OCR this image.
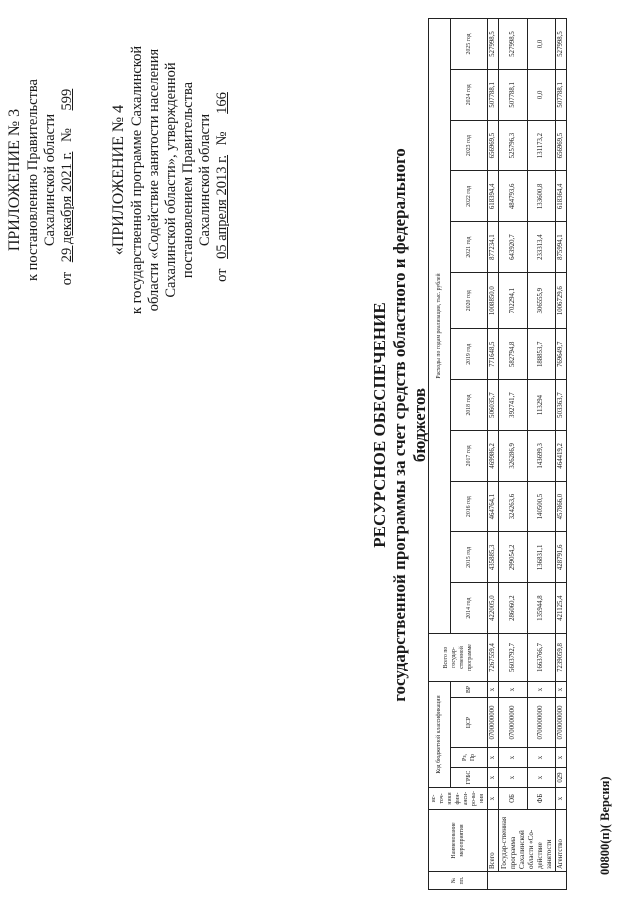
ПРИЛОЖЕНИЕ № 3 к постановлению Правительства Сахалинской области
от 29 декабря 2021 г. № 599
«ПРИЛОЖЕНИЕ № 4 к государственной программе Сахалинской области «Содействие занятости населения Сахалинской области», утвержденной постановлением Правительства Сахалинской области
от 05 апреля 2013 г. № 166
РЕСУРСНОЕ ОБЕСПЕЧЕНИЕ государственной программы за счет средств областного и федерального бюджетов
№ пп.	Наименование мероприятия	ис-точ-ники фин-анси-ро-ва-ния	Код бюджетной классификации				Всего по государ-ственной программе	Расходы по годам реализации, тыс. рублей											
			ГРБС	Рз, Пр	ЦСР	ВР		2014 год	2015 год	2016 год	2017 год	2018 год	2019 год	2020 год	2021 год	2022 год	2023 год	2024 год	2025 год
	Всего	х	х	х	0700000000	х	7267559,4	422005,0	435885,3	464764,1	469986,2	506035,7	771648,5	1008850,0	877234,1	618394,4	656969,5	507788,1	527998,5
	Государ-ственная программа Сахалинской области «Со-действие занятости	ОБ	х	х	0700000000	х	5603792,7	286060,2	299054,2	324263,6	326286,9	392741,7	582794,8	702294,1	643920,7	484793,6	525796,3	507788,1	527998,5
		ФБ	х	х	0700000000	х	1663766,7	135944,8	136831,1	140500,5	143699,3	113294	188853,7	306555,9	233313,4	133600,8	131173,2	0,0	0,0
	Агентство	х	029	х	0700000000	х	7239059,8	421125,4	428791,6	457866,0	464419,2	503363,7	769649,7	1006729,6	875994,1	618364,4	656969,5	507788,1	527998,5
00800(п)( Версия)
